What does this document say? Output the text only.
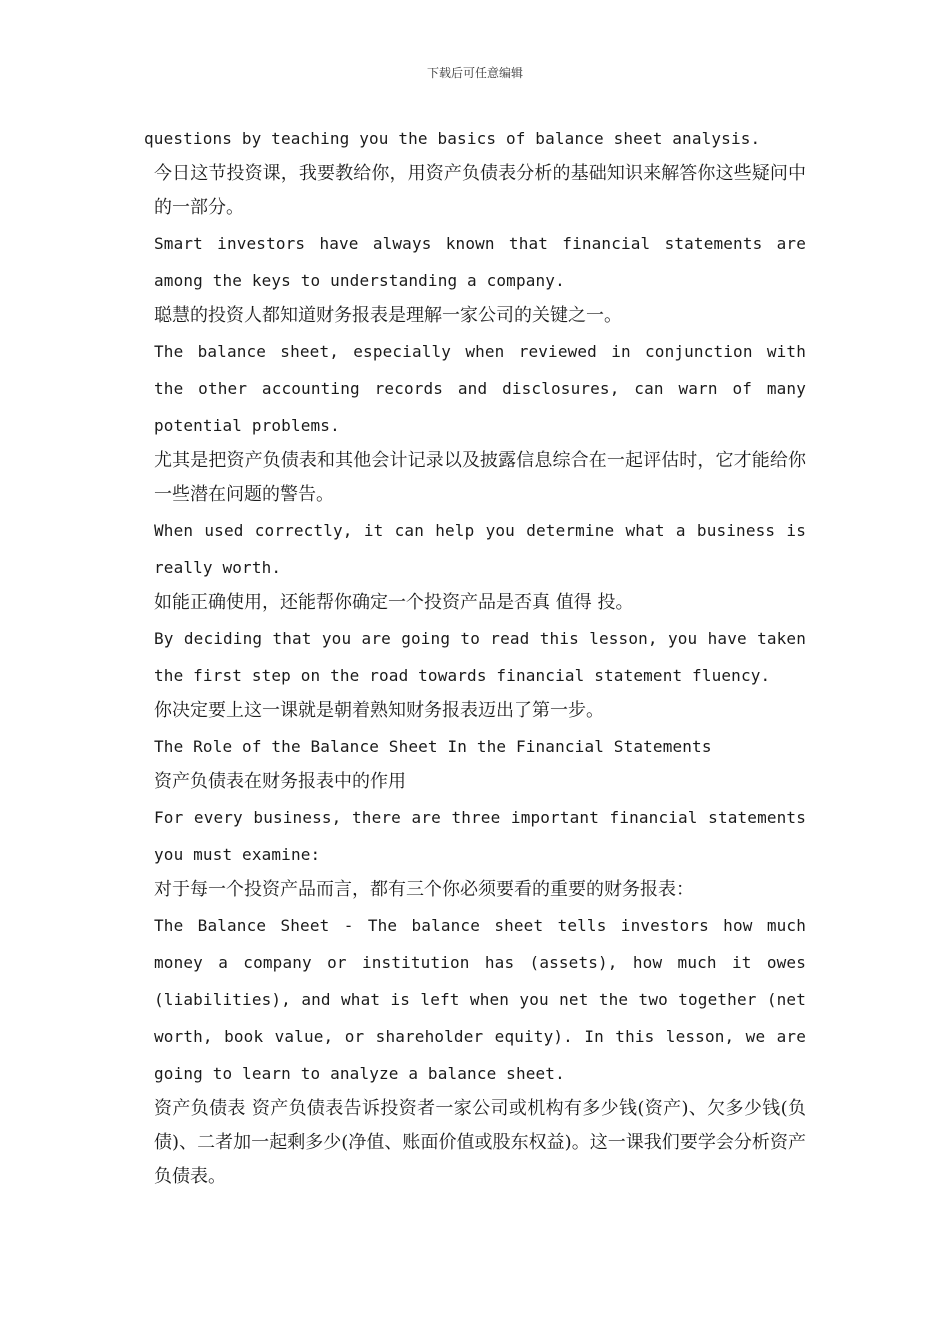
下载后可任意编辑

questions by teaching you the basics of balance sheet analysis.

今日这节投资课，我要教给你，用资产负债表分析的基础知识来解答你这些疑问中的一部分。

Smart investors have always known that financial statements are among the keys to understanding a company.

聪慧的投资人都知道财务报表是理解一家公司的关键之一。

The balance sheet, especially when reviewed in conjunction with the other accounting records and disclosures, can warn of many potential problems.

尤其是把资产负债表和其他会计记录以及披露信息综合在一起评估时，它才能给你一些潜在问题的警告。

When used correctly, it can help you determine what a business is really worth.

如能正确使用，还能帮你确定一个投资产品是否真 值得 投。

By deciding that you are going to read this lesson, you have taken the first step on the road towards financial statement fluency.

你决定要上这一课就是朝着熟知财务报表迈出了第一步。

The Role of the Balance Sheet In the Financial Statements

资产负债表在财务报表中的作用

For every business, there are three important financial statements you must examine:

对于每一个投资产品而言，都有三个你必须要看的重要的财务报表：

The Balance Sheet - The balance sheet tells investors how much money a company or institution has (assets), how much it owes (liabilities), and what is left when you net the two together (net worth, book value, or shareholder equity). In this lesson, we are going to learn to analyze a balance sheet.

资产负债表 资产负债表告诉投资者一家公司或机构有多少钱(资产)、欠多少钱(负债)、二者加一起剩多少(净值、账面价值或股东权益)。这一课我们要学会分析资产负债表。
